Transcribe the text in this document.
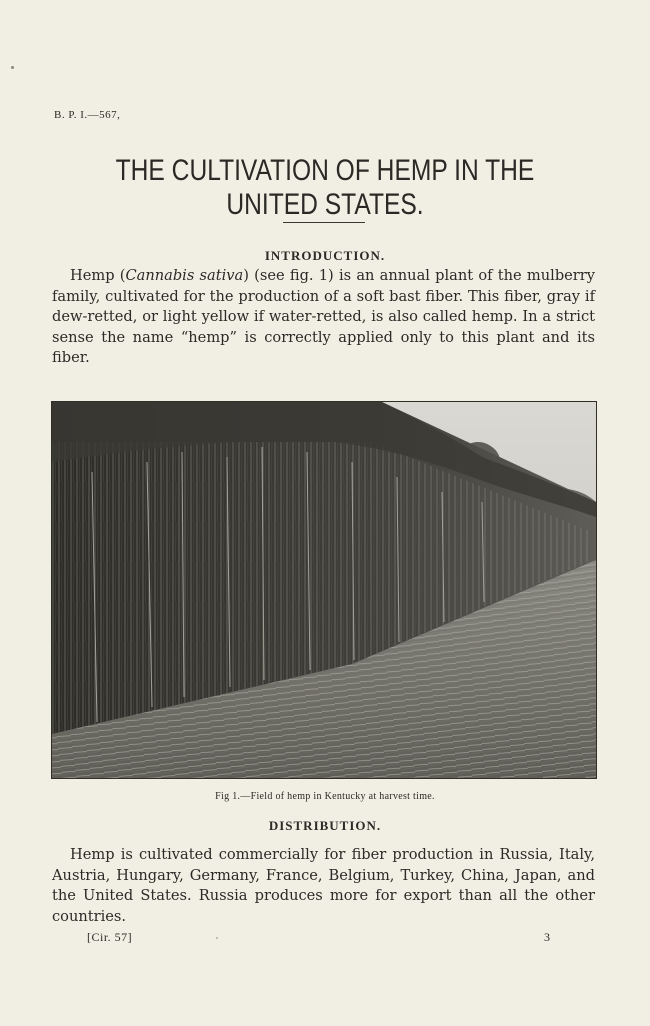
B. P. I.—567,
THE CULTIVATION OF HEMP IN THE
UNITED STATES.
INTRODUCTION.

Hemp (Cannabis sativa) (see fig. 1) is an annual plant of the mulberry family, cultivated for the production of a soft bast fiber. This fiber, gray if dew-retted, or light yellow if water-retted, is also called hemp. In a strict sense the name “hemp” is correctly applied only to this plant and its fiber.

Fig 1.—Field of hemp in Kentucky at harvest time.
DISTRIBUTION.

Hemp is cultivated commercially for fiber production in Russia, Italy, Austria, Hungary, Germany, France, Belgium, Turkey, China, Japan, and the United States. Russia produces more for export than all the other countries.

[Cir. 57]	3
